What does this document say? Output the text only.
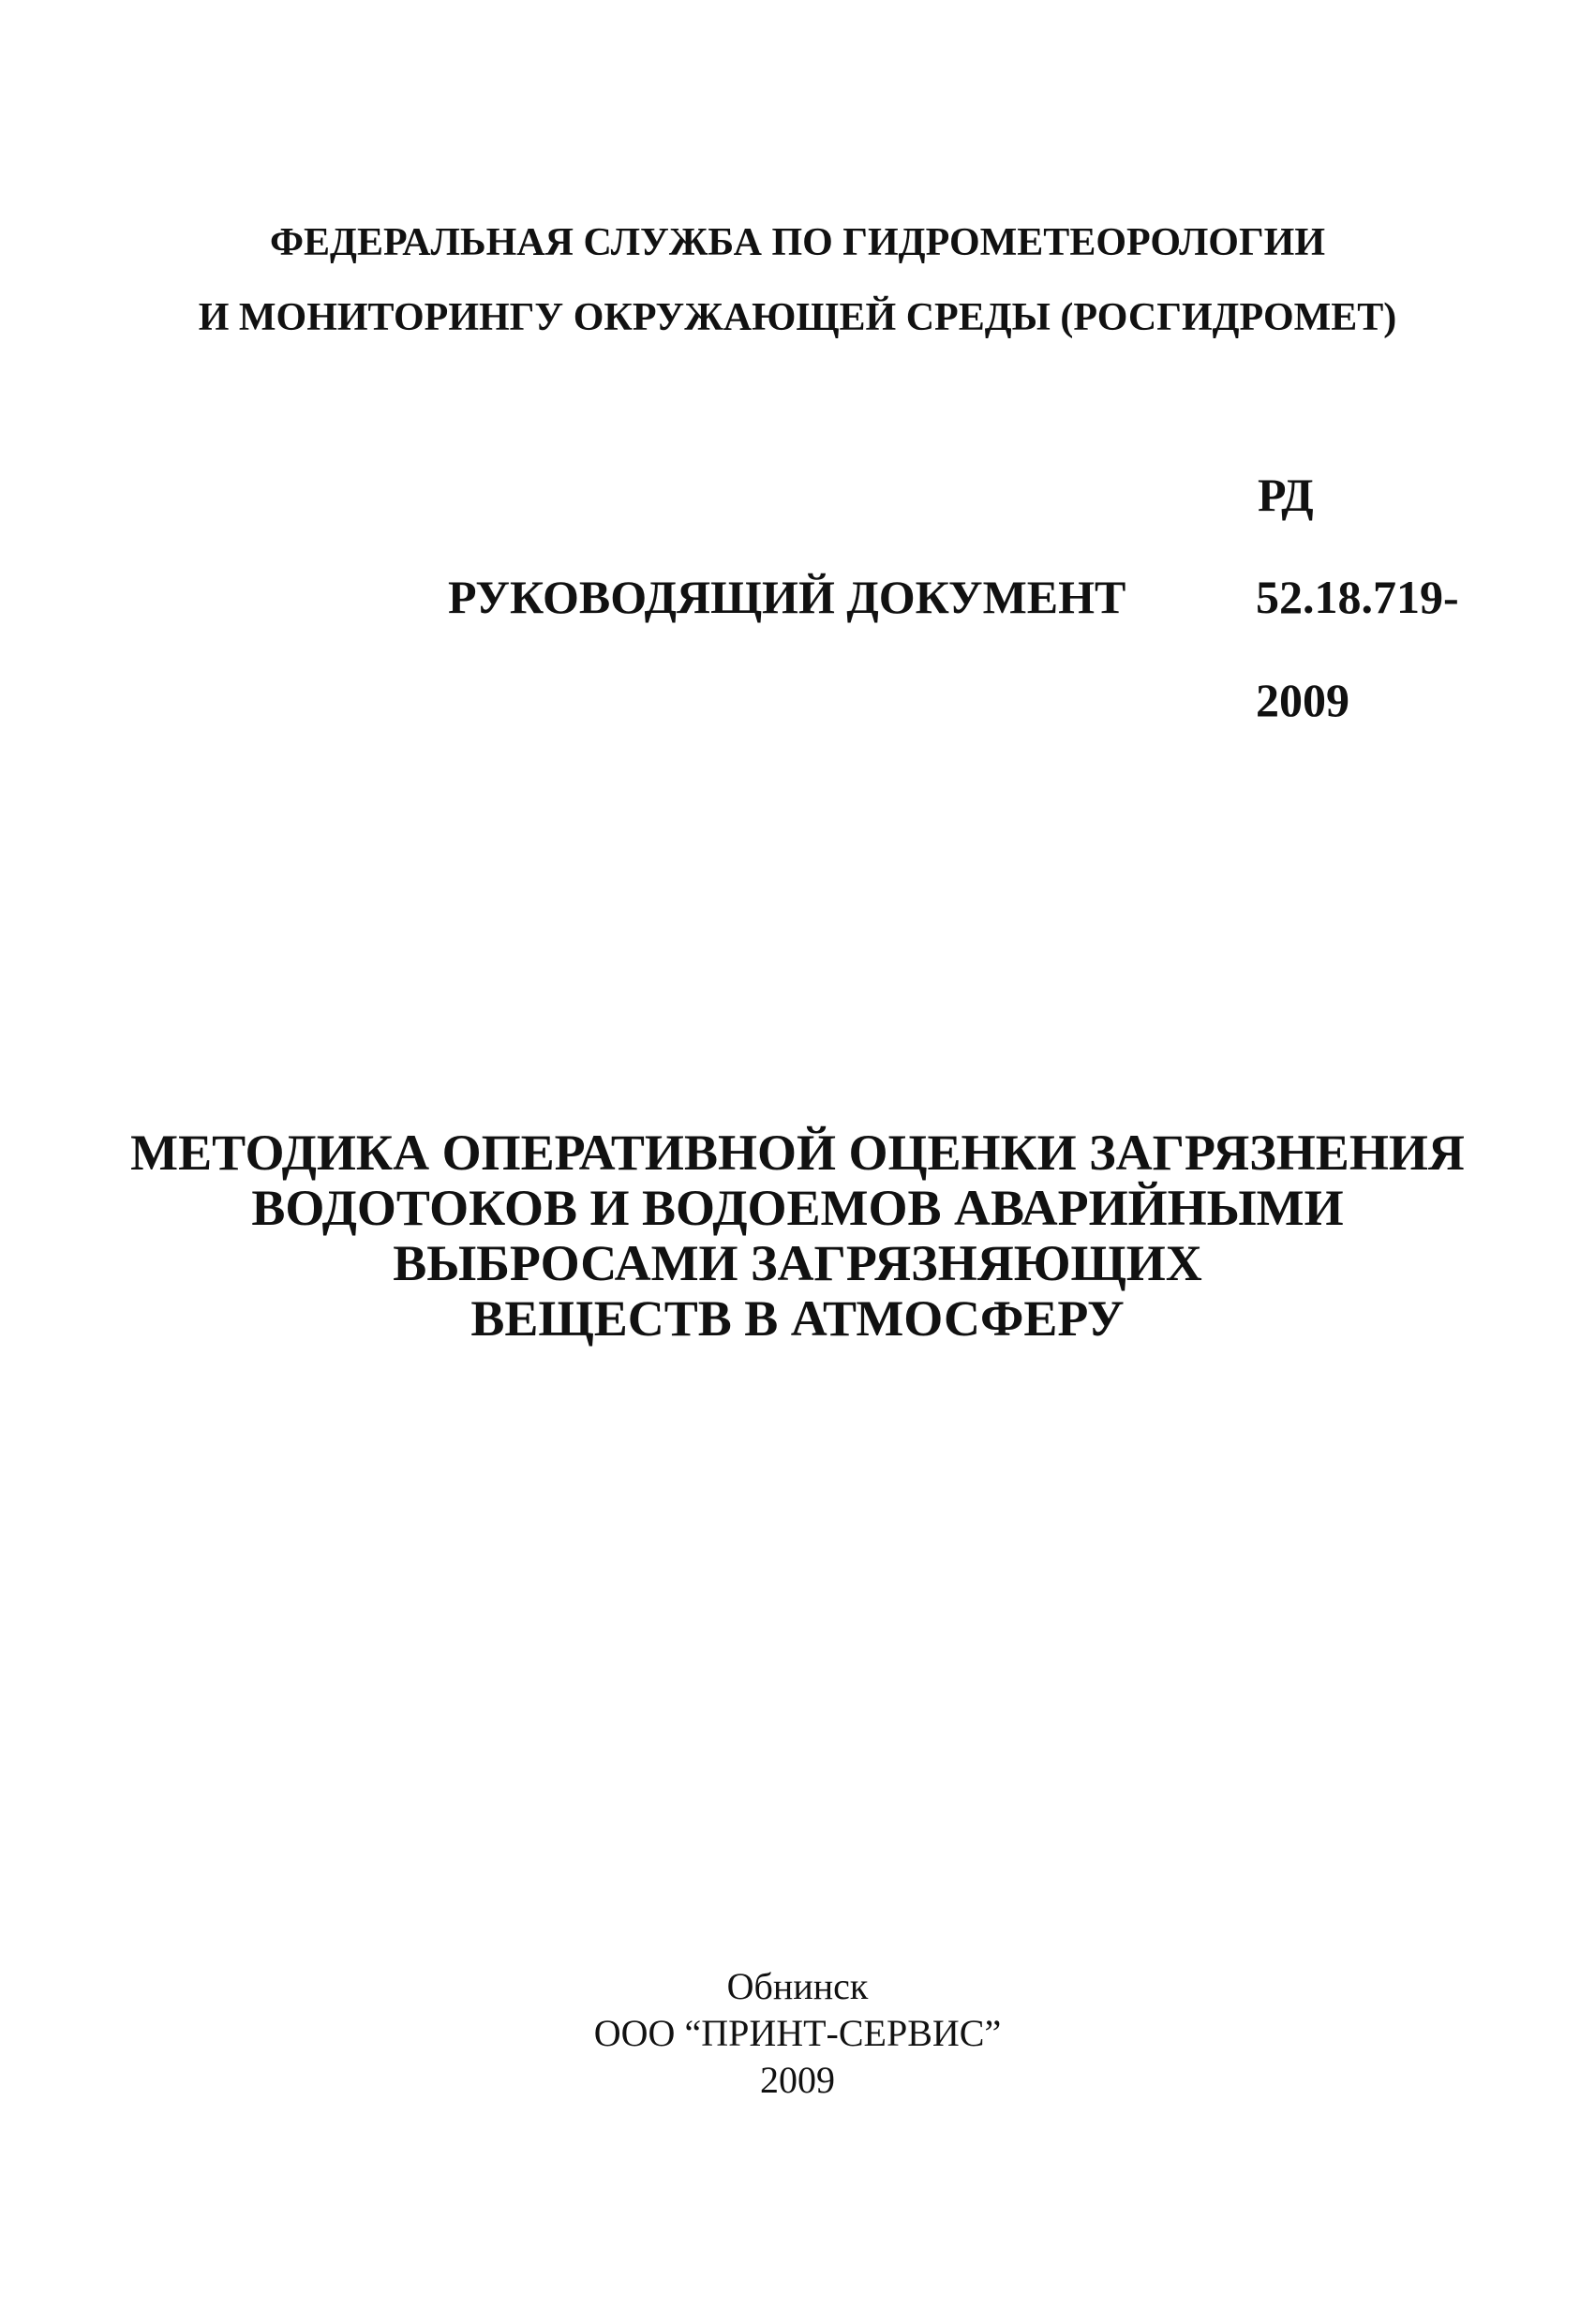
ФЕДЕРАЛЬНАЯ СЛУЖБА ПО ГИДРОМЕТЕОРОЛОГИИ
И МОНИТОРИНГУ ОКРУЖАЮЩЕЙ СРЕДЫ (РОСГИДРОМЕТ)
РД
РУКОВОДЯЩИЙ ДОКУМЕНТ	52.18.719-
2009
МЕТОДИКА ОПЕРАТИВНОЙ ОЦЕНКИ ЗАГРЯЗНЕНИЯ
ВОДОТОКОВ И ВОДОЕМОВ АВАРИЙНЫМИ
ВЫБРОСАМИ ЗАГРЯЗНЯЮЩИХ
ВЕЩЕСТВ В АТМОСФЕРУ
Обнинск
ООО “ПРИНТ-СЕРВИС”
2009
